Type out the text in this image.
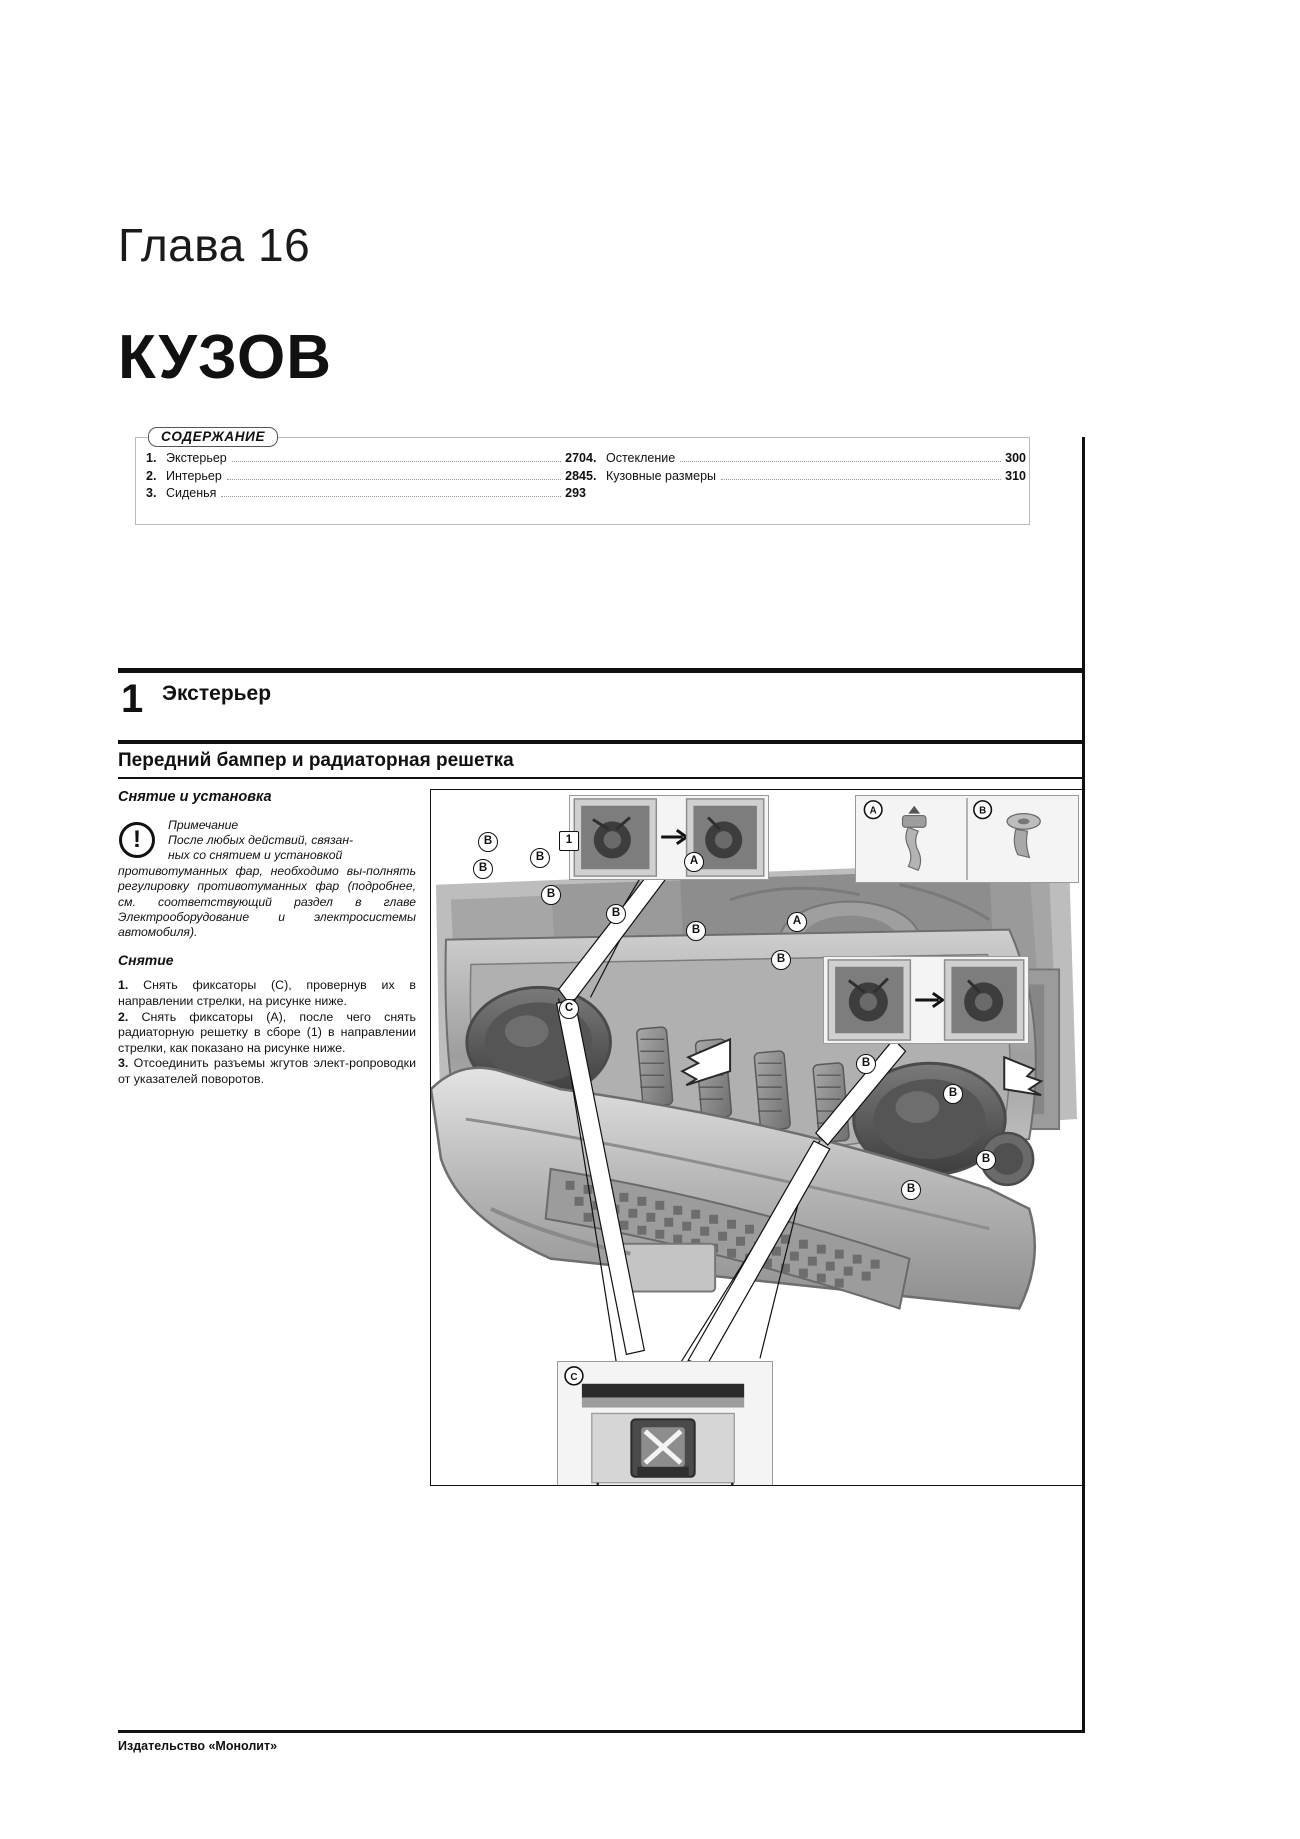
Глава 16
КУЗОВ
СОДЕРЖАНИЕ
1. Экстерьер	270
2. Интерьер	284
3. Сиденья	293
4. Остекление	300
5. Кузовные размеры	310
1 Экстерьер
Передний бампер и радиаторная решетка
Снятие и установка
!
Примечание
После любых действий, связан-
ных со снятием и установкой
противотуманных фар, необходимо вы-полнять регулировку противотуманных фар (подробнее, см. соответствующий раздел в главе Электрооборудование и электросистемы автомобиля).
Снятие

1. Снять фиксаторы (C), провернув их в направлении стрелки, на рисунке ниже.

2. Снять фиксаторы (A), после чего снять радиаторную решетку в сборе (1) в направлении стрелки, как показано на рисунке ниже.

3. Отсоединить разъемы жгутов элект-ропроводки от указателей поворотов.

A	B
C
B
B
B
B
B
B
B
B
B
B
B
A
A
C
1
Издательство «Монолит»
